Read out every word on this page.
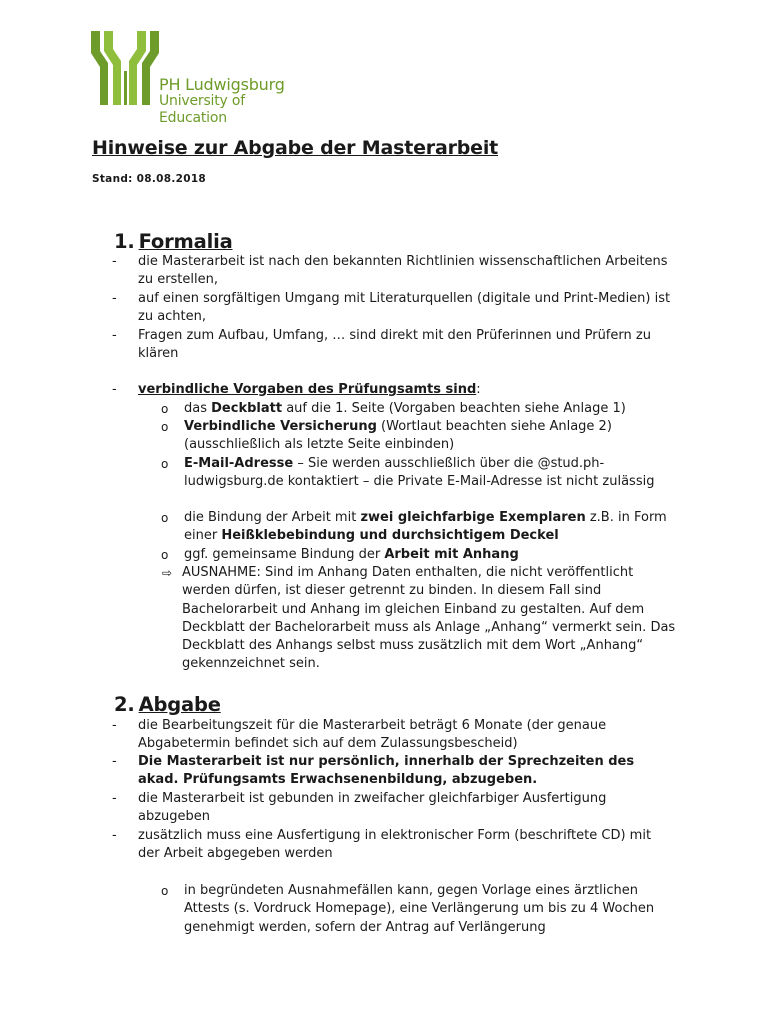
PH Ludwigsburg
University of Education
Hinweise zur Abgabe der Masterarbeit
Stand: 08.08.2018
1. Formalia
- die Masterarbeit ist nach den bekannten Richtlinien wissenschaftlichen Arbeitens zu erstellen,
- auf einen sorgfältigen Umgang mit Literaturquellen (digitale und Print-Medien) ist zu achten,
- Fragen zum Aufbau, Umfang, … sind direkt mit den Prüferinnen und Prüfern zu klären
- verbindliche Vorgaben des Prüfungsamts sind:
o das Deckblatt auf die 1. Seite (Vorgaben beachten siehe Anlage 1)
o Verbindliche Versicherung (Wortlaut beachten siehe Anlage 2) (ausschließlich als letzte Seite einbinden)
o E-Mail-Adresse – Sie werden ausschließlich über die @stud.ph-ludwigsburg.de kontaktiert – die Private E-Mail-Adresse ist nicht zulässig
o die Bindung der Arbeit mit zwei gleichfarbige Exemplaren z.B. in Form einer Heißklebebindung und durchsichtigem Deckel
o ggf. gemeinsame Bindung der Arbeit mit Anhang
⇨ AUSNAHME: Sind im Anhang Daten enthalten, die nicht veröffentlicht werden dürfen, ist dieser getrennt zu binden. In diesem Fall sind Bachelorarbeit und Anhang im gleichen Einband zu gestalten. Auf dem Deckblatt der Bachelorarbeit muss als Anlage „Anhang“ vermerkt sein. Das Deckblatt des Anhangs selbst muss zusätzlich mit dem Wort „Anhang“ gekennzeichnet sein.
2. Abgabe
- die Bearbeitungszeit für die Masterarbeit beträgt 6 Monate (der genaue Abgabetermin befindet sich auf dem Zulassungsbescheid)
- Die Masterarbeit ist nur persönlich, innerhalb der Sprechzeiten des akad. Prüfungsamts Erwachsenenbildung, abzugeben.
- die Masterarbeit ist gebunden in zweifacher gleichfarbiger Ausfertigung abzugeben
- zusätzlich muss eine Ausfertigung in elektronischer Form (beschriftete CD) mit der Arbeit abgegeben werden
o in begründeten Ausnahmefällen kann, gegen Vorlage eines ärztlichen Attests (s. Vordruck Homepage), eine Verlängerung um bis zu 4 Wochen genehmigt werden, sofern der Antrag auf Verlängerung
